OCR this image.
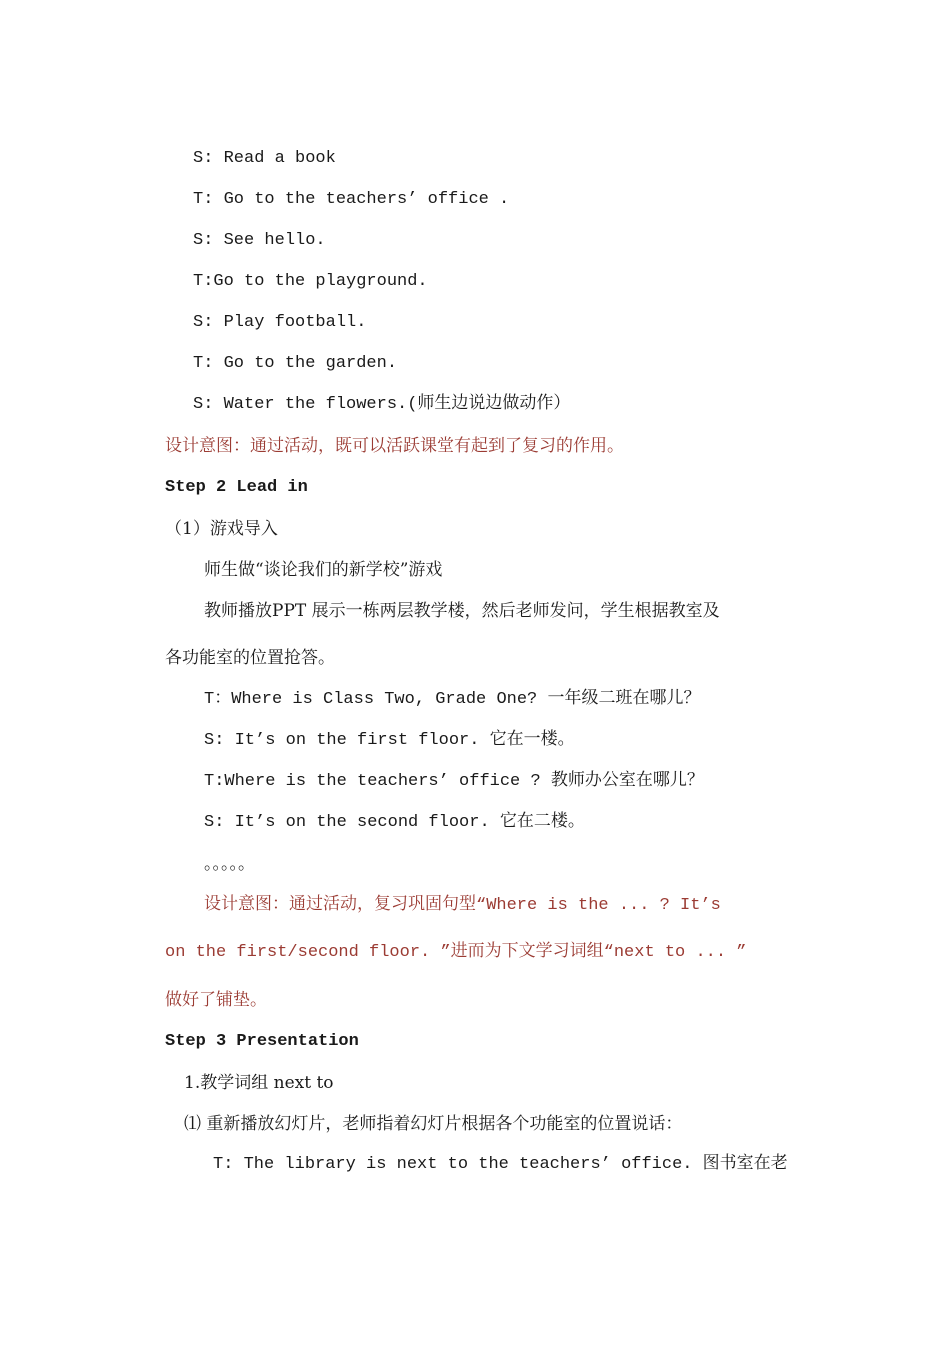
S: Read a book
T: Go to the teachers’ office .
S: See hello.
T:Go to the playground.
S: Play football.
T: Go to the garden.
S: Water the flowers.(师生边说边做动作）
设计意图：通过活动，既可以活跃课堂有起到了复习的作用。
Step 2 Lead in
（1）游戏导入
师生做“谈论我们的新学校”游戏
教师播放PPT 展示一栋两层教学楼，然后老师发问，学生根据教室及
各功能室的位置抢答。
T：Where is Class Two, Grade One? 一年级二班在哪儿？
S: It’s on the first floor. 它在一楼。
T:Where is the teachers’ office ? 教师办公室在哪儿？
S: It’s on the second floor. 它在二楼。
。。。。。
设计意图：通过活动，复习巩固句型“Where is the ... ? It’s
on the first/second floor. ”进而为下文学习词组“next to ... ”
做好了铺垫。
Step 3 Presentation
1.教学词组 next to
⑴ 重新播放幻灯片，老师指着幻灯片根据各个功能室的位置说话：
T: The library is next to the teachers’ office. 图书室在老
